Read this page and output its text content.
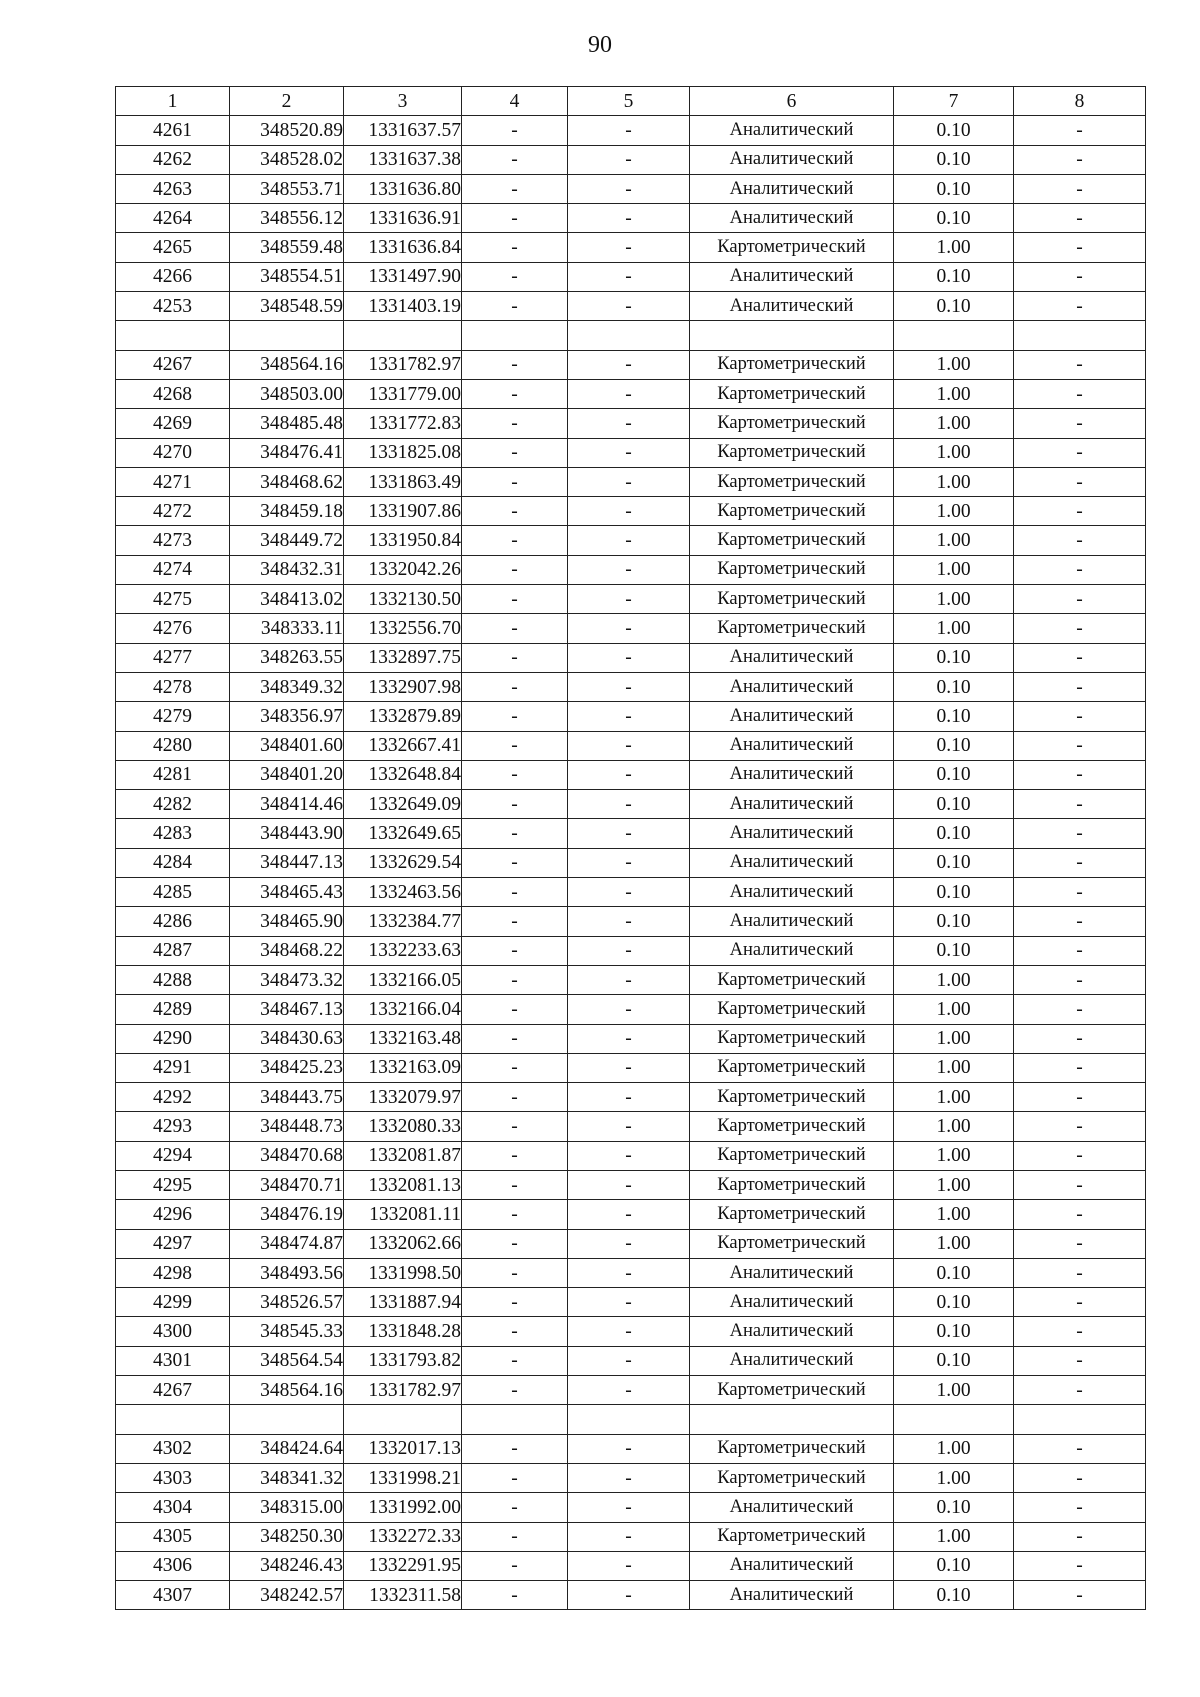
90
1	2	3	4	5	6	7	8
4261	348520.89	1331637.57	-	-	Аналитический	0.10	-
4262	348528.02	1331637.38	-	-	Аналитический	0.10	-
4263	348553.71	1331636.80	-	-	Аналитический	0.10	-
4264	348556.12	1331636.91	-	-	Аналитический	0.10	-
4265	348559.48	1331636.84	-	-	Картометрический	1.00	-
4266	348554.51	1331497.90	-	-	Аналитический	0.10	-
4253	348548.59	1331403.19	-	-	Аналитический	0.10	-

4267	348564.16	1331782.97	-	-	Картометрический	1.00	-
4268	348503.00	1331779.00	-	-	Картометрический	1.00	-
4269	348485.48	1331772.83	-	-	Картометрический	1.00	-
4270	348476.41	1331825.08	-	-	Картометрический	1.00	-
4271	348468.62	1331863.49	-	-	Картометрический	1.00	-
4272	348459.18	1331907.86	-	-	Картометрический	1.00	-
4273	348449.72	1331950.84	-	-	Картометрический	1.00	-
4274	348432.31	1332042.26	-	-	Картометрический	1.00	-
4275	348413.02	1332130.50	-	-	Картометрический	1.00	-
4276	348333.11	1332556.70	-	-	Картометрический	1.00	-
4277	348263.55	1332897.75	-	-	Аналитический	0.10	-
4278	348349.32	1332907.98	-	-	Аналитический	0.10	-
4279	348356.97	1332879.89	-	-	Аналитический	0.10	-
4280	348401.60	1332667.41	-	-	Аналитический	0.10	-
4281	348401.20	1332648.84	-	-	Аналитический	0.10	-
4282	348414.46	1332649.09	-	-	Аналитический	0.10	-
4283	348443.90	1332649.65	-	-	Аналитический	0.10	-
4284	348447.13	1332629.54	-	-	Аналитический	0.10	-
4285	348465.43	1332463.56	-	-	Аналитический	0.10	-
4286	348465.90	1332384.77	-	-	Аналитический	0.10	-
4287	348468.22	1332233.63	-	-	Аналитический	0.10	-
4288	348473.32	1332166.05	-	-	Картометрический	1.00	-
4289	348467.13	1332166.04	-	-	Картометрический	1.00	-
4290	348430.63	1332163.48	-	-	Картометрический	1.00	-
4291	348425.23	1332163.09	-	-	Картометрический	1.00	-
4292	348443.75	1332079.97	-	-	Картометрический	1.00	-
4293	348448.73	1332080.33	-	-	Картометрический	1.00	-
4294	348470.68	1332081.87	-	-	Картометрический	1.00	-
4295	348470.71	1332081.13	-	-	Картометрический	1.00	-
4296	348476.19	1332081.11	-	-	Картометрический	1.00	-
4297	348474.87	1332062.66	-	-	Картометрический	1.00	-
4298	348493.56	1331998.50	-	-	Аналитический	0.10	-
4299	348526.57	1331887.94	-	-	Аналитический	0.10	-
4300	348545.33	1331848.28	-	-	Аналитический	0.10	-
4301	348564.54	1331793.82	-	-	Аналитический	0.10	-
4267	348564.16	1331782.97	-	-	Картометрический	1.00	-

4302	348424.64	1332017.13	-	-	Картометрический	1.00	-
4303	348341.32	1331998.21	-	-	Картометрический	1.00	-
4304	348315.00	1331992.00	-	-	Аналитический	0.10	-
4305	348250.30	1332272.33	-	-	Картометрический	1.00	-
4306	348246.43	1332291.95	-	-	Аналитический	0.10	-
4307	348242.57	1332311.58	-	-	Аналитический	0.10	-
